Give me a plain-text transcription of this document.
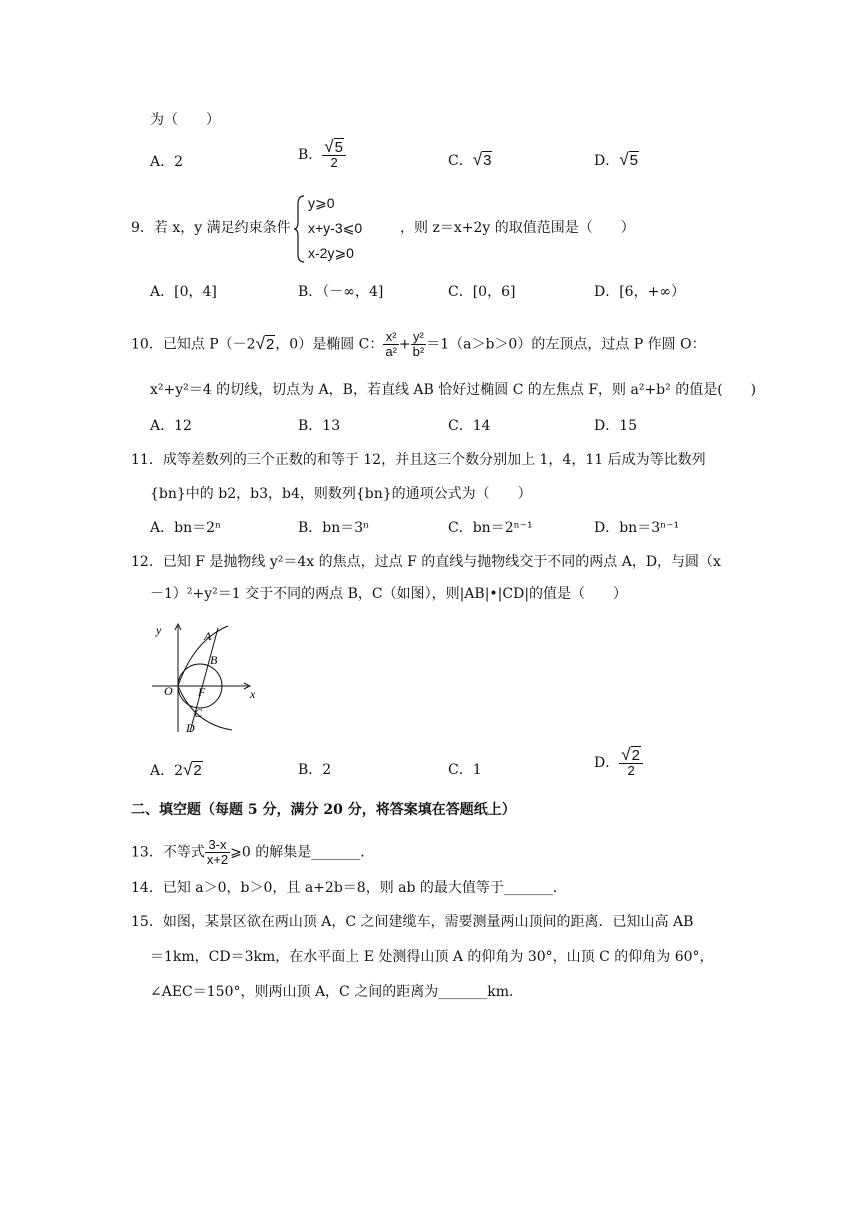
为（　　）
A．2	B． $\frac{√5}{2}$	C．√3	D．√5
9．若 x，y 满足约束条件
y⩾0
x+y-3⩽0
x-2y⩾0
，则 z＝x+2y 的取值范围是（　　）
A．[0，4]	B．（－∞，4]	C．[0，6]	D．[6，+∞）
10．已知点 P（－2√2，0）是椭圆 C： $\frac{\text{x²}}{\text{a²}} + \frac{\text{y²}}{\text{b²}} =1(a>b>0)$的左顶点，过点 P 作圆 O：
x²+y²＝4 的切线，切点为 A，B，若直线 AB 恰好过椭圆 C 的左焦点 F，则 a²+b² 的值是(　　)
A．12	B．13	C．14	D．15
11．成等差数列的三个正数的和等于 12，并且这三个数分别加上 1，4，11 后成为等比数列
{bn}中的 b2，b3，b4，则数列{bn}的通项公式为（　　）
A．bn＝2ⁿ	B．bn＝3ⁿ	C．bn＝2ⁿ⁻¹	D．bn＝3ⁿ⁻¹
12．已知 F 是抛物线 y²＝4x 的焦点，过点 F 的直线与抛物线交于不同的两点 A，D，与圆（x
－1）²+y²＝1 交于不同的两点 B，C（如图），则|AB|•|CD|的值是（　　）
y
x
O F
A
B
C
D
A．2√2	B．2	C．1	D． $\frac{√2}{2}$
二、填空题（每题 5 分，满分 20 分，将答案填在答题纸上）
13．不等式 $\frac{3-x}{x+2}$ ⩾0 的解集是_______．
14．已知 a＞0，b＞0，且 a+2b＝8，则 ab 的最大值等于_______．
15．如图，某景区欲在两山顶 A，C 之间建缆车，需要测量两山顶间的距离．已知山高 AB
＝1km，CD＝3km，在水平面上 E 处测得山顶 A 的仰角为 30°，山顶 C 的仰角为 60°，
∠AEC＝150°，则两山顶 A，C 之间的距离为_______km．
